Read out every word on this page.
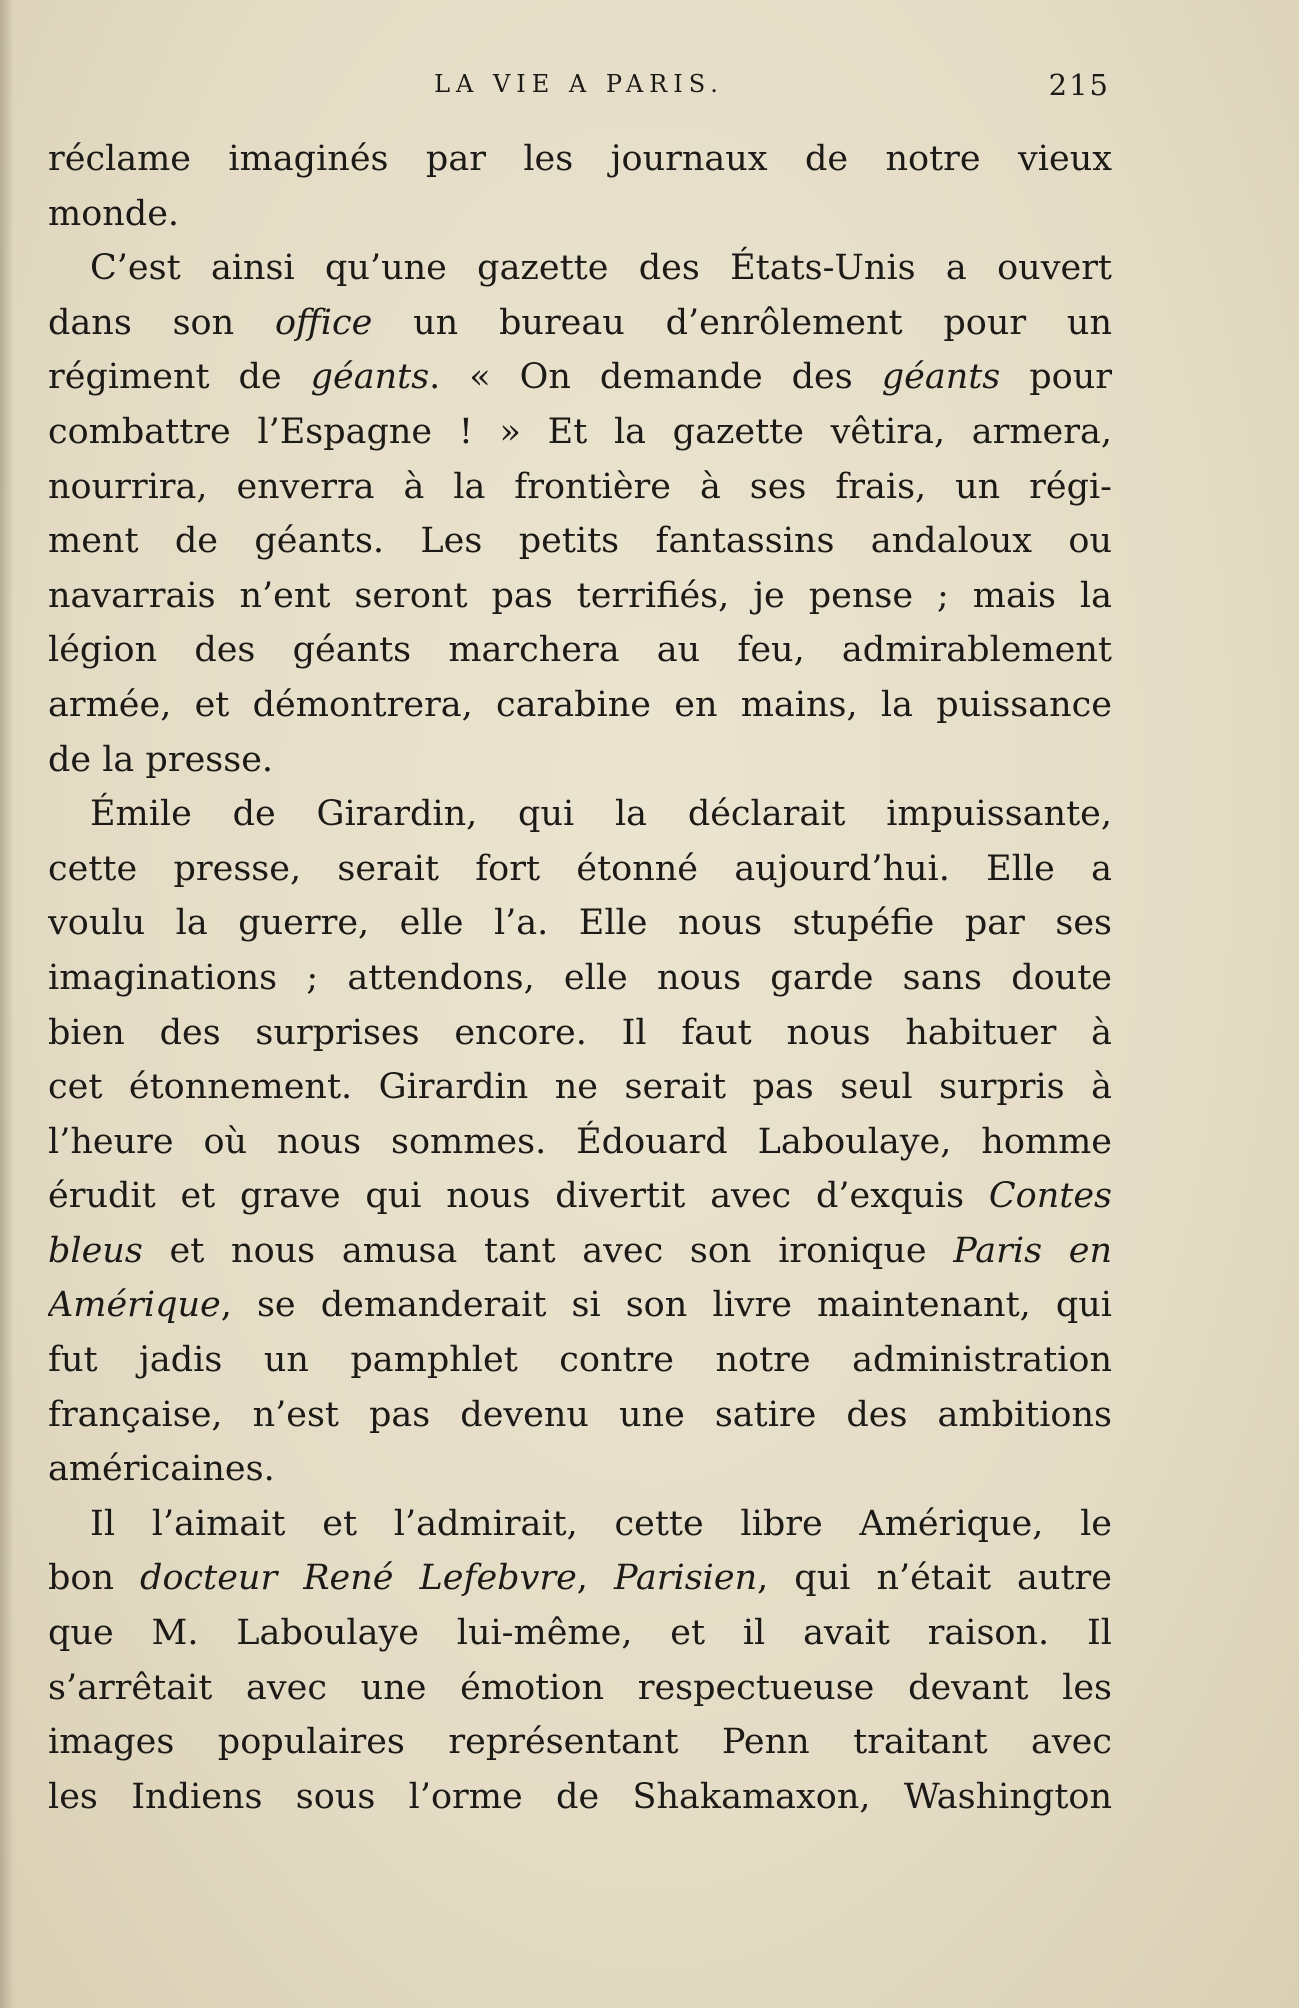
LA VIE A PARIS.	215
réclame imaginés par les journaux de notre vieux
monde.
C’est ainsi qu’une gazette des États-Unis a ouvert
dans son office un bureau d’enrôlement pour un
régiment de géants. « On demande des géants pour
combattre l’Espagne ! » Et la gazette vêtira, armera,
nourrira, enverra à la frontière à ses frais, un régi-
ment de géants. Les petits fantassins andaloux ou
navarrais n’ent seront pas terrifiés, je pense ; mais la
légion des géants marchera au feu, admirablement
armée, et démontrera, carabine en mains, la puissance
de la presse.
Émile de Girardin, qui la déclarait impuissante,
cette presse, serait fort étonné aujourd’hui. Elle a
voulu la guerre, elle l’a. Elle nous stupéfie par ses
imaginations ; attendons, elle nous garde sans doute
bien des surprises encore. Il faut nous habituer à
cet étonnement. Girardin ne serait pas seul surpris à
l’heure où nous sommes. Édouard Laboulaye, homme
érudit et grave qui nous divertit avec d’exquis Contes
bleus et nous amusa tant avec son ironique Paris en
Amérique, se demanderait si son livre maintenant, qui
fut jadis un pamphlet contre notre administration
française, n’est pas devenu une satire des ambitions
américaines.
Il l’aimait et l’admirait, cette libre Amérique, le
bon docteur René Lefebvre, Parisien, qui n’était autre
que M. Laboulaye lui-même, et il avait raison. Il
s’arrêtait avec une émotion respectueuse devant les
images populaires représentant Penn traitant avec
les Indiens sous l’orme de Shakamaxon, Washington
